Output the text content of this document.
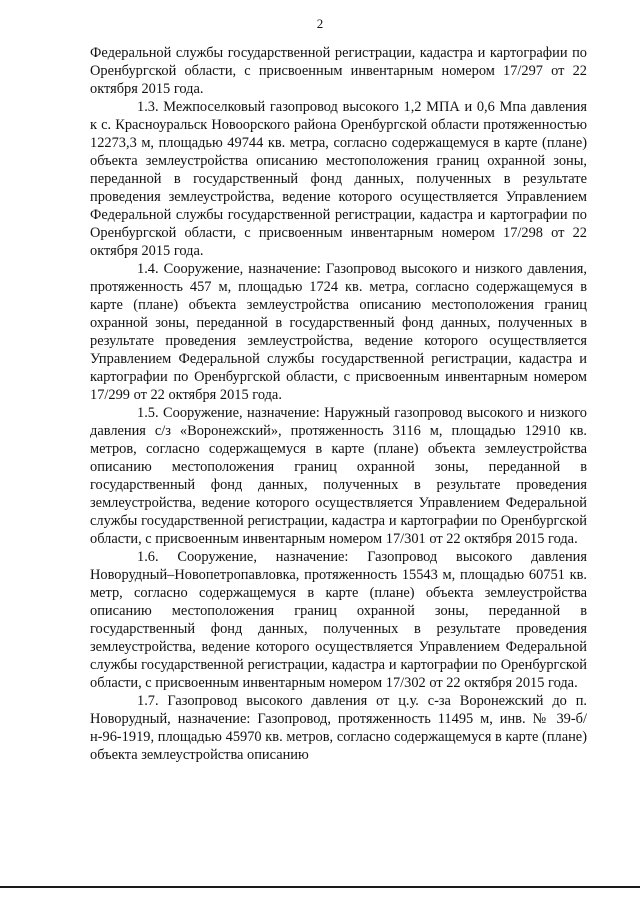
2

Федеральной службы государственной регистрации, кадастра и картографии по Оренбургской области, с присвоенным инвентарным номером 17/297 от 22 октября 2015 года.

1.3. Межпоселковый газопровод высокого 1,2 МПА и 0,6 Мпа давления к с. Красноуральск Новоорского района Оренбургской области протяженностью 12273,3 м, площадью 49744 кв. метра, согласно содержащемуся в карте (плане) объекта землеустройства описанию местоположения границ охранной зоны, переданной в государственный фонд данных, полученных в результате проведения землеустройства, ведение которого осуществляется Управлением Федеральной службы государственной регистрации, кадастра и картографии по Оренбургской области, с присвоенным инвентарным номером 17/298 от 22 октября 2015 года.

1.4. Сооружение, назначение: Газопровод высокого и низкого давления, протяженность 457 м, площадью 1724 кв. метра, согласно содержащемуся в карте (плане) объекта землеустройства описанию местоположения границ охранной зоны, переданной в государственный фонд данных, полученных в результате проведения землеустройства, ведение которого осуществляется Управлением Федеральной службы государственной регистрации, кадастра и картографии по Оренбургской области, с присвоенным инвентарным номером 17/299 от 22 октября 2015 года.

1.5. Сооружение, назначение: Наружный газопровод высокого и низкого давления с/з «Воронежский», протяженность 3116 м, площадью 12910 кв. метров, согласно содержащемуся в карте (плане) объекта землеустройства описанию местоположения границ охранной зоны, переданной в государственный фонд данных, полученных в результате проведения землеустройства, ведение которого осуществляется Управлением Федеральной службы государственной регистрации, кадастра и картографии по Оренбургской области, с присвоенным инвентарным номером 17/301 от 22 октября 2015 года.

1.6. Сооружение, назначение: Газопровод высокого давления Новорудный–Новопетропавловка, протяженность 15543 м, площадью 60751 кв. метр, согласно содержащемуся в карте (плане) объекта землеустройства описанию местоположения границ охранной зоны, переданной в государственный фонд данных, полученных в результате проведения землеустройства, ведение которого осуществляется Управлением Федеральной службы государственной регистрации, кадастра и картографии по Оренбургской области, с присвоенным инвентарным номером 17/302 от 22 октября 2015 года.

1.7. Газопровод высокого давления от ц.у. с-за Воронежский до п. Новорудный, назначение: Газопровод, протяженность 11495 м, инв. № 39-б/н-96-1919, площадью 45970 кв. метров, согласно содержащемуся в карте (плане) объекта землеустройства описанию
